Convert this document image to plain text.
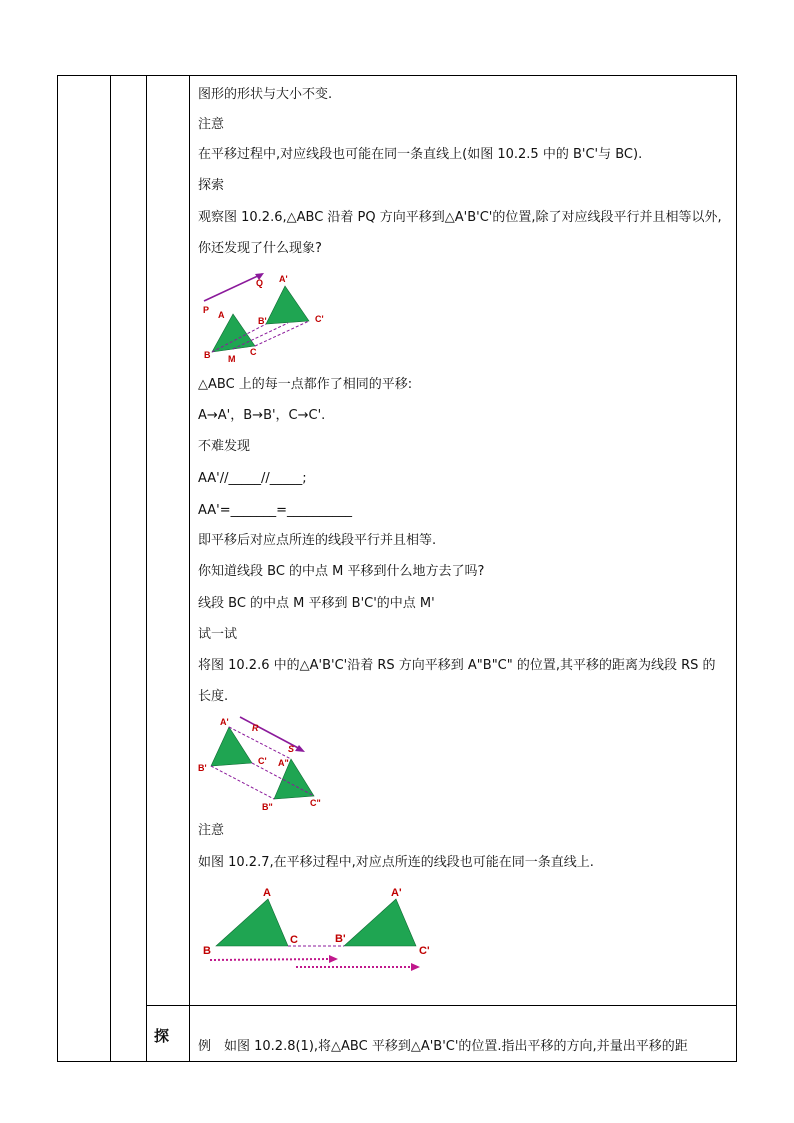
图形的形状与大小不变.
注意
在平移过程中,对应线段也可能在同一条直线上(如图 10.2.5 中的 B'C'与 BC).
探索
观察图 10.2.6,△ABC 沿着 PQ 方向平移到△A'B'C'的位置,除了对应线段平行并且相等以外,
你还发现了什么现象?
P
Q
A
A'
B'	C'
B M
C
△ABC 上的每一点都作了相同的平移:
A→A'，B→B'，C→C'.
不难发现
AA'//_____//_____;
AA'=_______=__________
即平移后对应点所连的线段平行并且相等.
你知道线段 BC 的中点 M 平移到什么地方去了吗?
线段 BC 的中点 M 平移到 B'C'的中点 M'
试一试
将图 10.2.6 中的△A'B'C'沿着 RS 方向平移到 A"B"C" 的位置,其平移的距离为线段 RS 的
长度.
A'
R
S
B'
C' A"
B"	C"
注意
如图 10.2.7,在平移过程中,对应点所连的线段也可能在同一条直线上.
A	A'
B
C	B'
C'
探
例　如图 10.2.8(1),将△ABC 平移到△A'B'C'的位置.指出平移的方向,并量出平移的距
